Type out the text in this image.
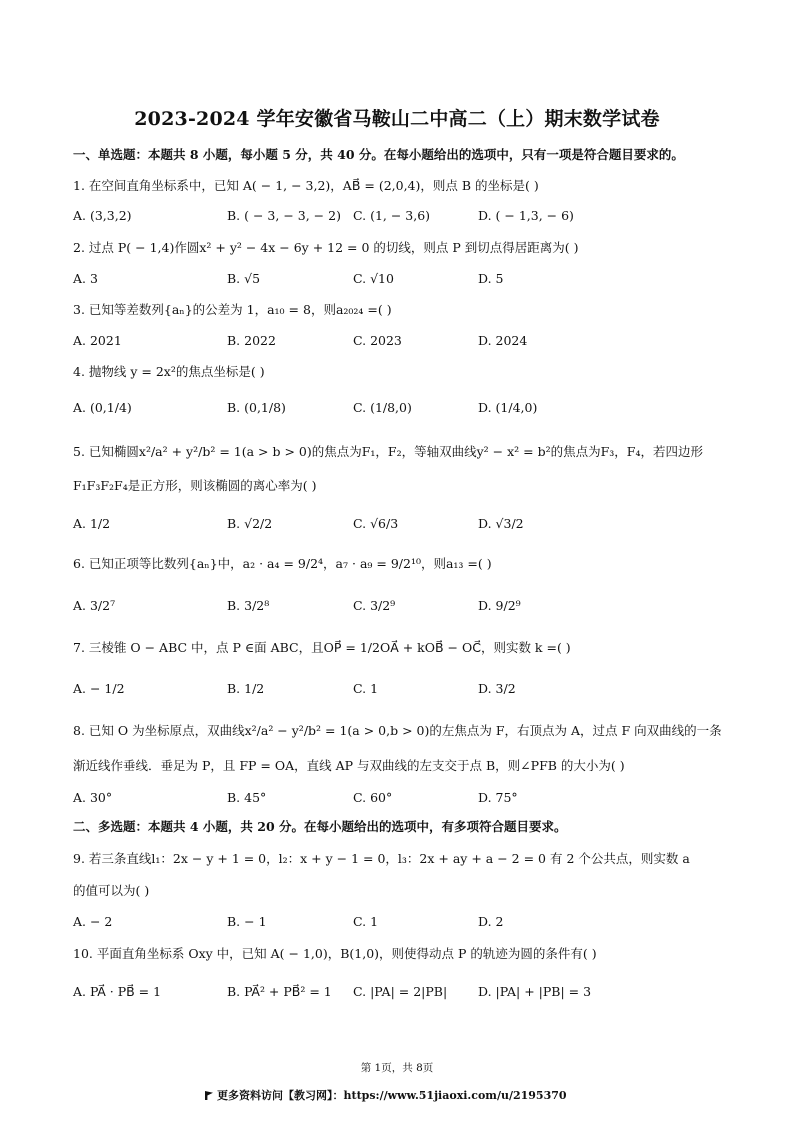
2023-2024 学年安徽省马鞍山二中高二（上）期末数学试卷
一、单选题：本题共 8 小题，每小题 5 分，共 40 分。在每小题给出的选项中，只有一项是符合题目要求的。
1. 在空间直角坐标系中，已知 A( − 1, − 3,2)，AB⃗ = (2,0,4)，则点 B 的坐标是( )
A. (3,3,2)	B. ( − 3, − 3, − 2) C. (1, − 3,6)	D. ( − 1,3, − 6)
2. 过点 P( − 1,4)作圆x² + y² − 4x − 6y + 12 = 0 的切线，则点 P 到切点得居距离为( )
A. 3	B. √5	C. √10	D. 5
3. 已知等差数列{aₙ}的公差为 1，a₁₀ = 8，则a₂₀₂₄ =( )
A. 2021	B. 2022	C. 2023	D. 2024
4. 抛物线 y = 2x²的焦点坐标是( )
A. (0,1/4)	B. (0,1/8)	C. (1/8,0)	D. (1/4,0)
5. 已知椭圆x²/a² + y²/b² = 1(a > b > 0)的焦点为F₁，F₂，等轴双曲线y² − x² = b²的焦点为F₃，F₄，若四边形
F₁F₃F₂F₄是正方形，则该椭圆的离心率为( )
A. 1/2	B. √2/2	C. √6/3	D. √3/2
6. 已知正项等比数列{aₙ}中，a₂ · a₄ = 9/2⁴，a₇ · a₉ = 9/2¹⁰，则a₁₃ =( )
A. 3/2⁷	B. 3/2⁸	C. 3/2⁹	D. 9/2⁹
7. 三棱锥 O − ABC 中，点 P ∈面 ABC，且OP⃗ = 1/2OA⃗ + kOB⃗ − OC⃗，则实数 k =( )
A. − 1/2	B. 1/2	C. 1	D. 3/2
8. 已知 O 为坐标原点，双曲线x²/a² − y²/b² = 1(a > 0,b > 0)的左焦点为 F，右顶点为 A，过点 F 向双曲线的一条
渐近线作垂线．垂足为 P，且 FP = OA，直线 AP 与双曲线的左支交于点 B，则∠PFB 的大小为( )
A. 30°	B. 45°	C. 60°	D. 75°
二、多选题：本题共 4 小题，共 20 分。在每小题给出的选项中，有多项符合题目要求。
9. 若三条直线l₁：2x − y + 1 = 0，l₂：x + y − 1 = 0，l₃：2x + ay + a − 2 = 0 有 2 个公共点，则实数 a
的值可以为( )
A. − 2	B. − 1	C. 1	D. 2
10. 平面直角坐标系 Oxy 中，已知 A( − 1,0)，B(1,0)，则使得动点 P 的轨迹为圆的条件有( )
A. PA⃗ · PB⃗ = 1	B. PA⃗² + PB⃗² = 1 C. |PA| = 2|PB| D. |PA| + |PB| = 3
第 1页，共 8页
更多资料访问【教习网】：https://www.51jiaoxi.com/u/2195370
